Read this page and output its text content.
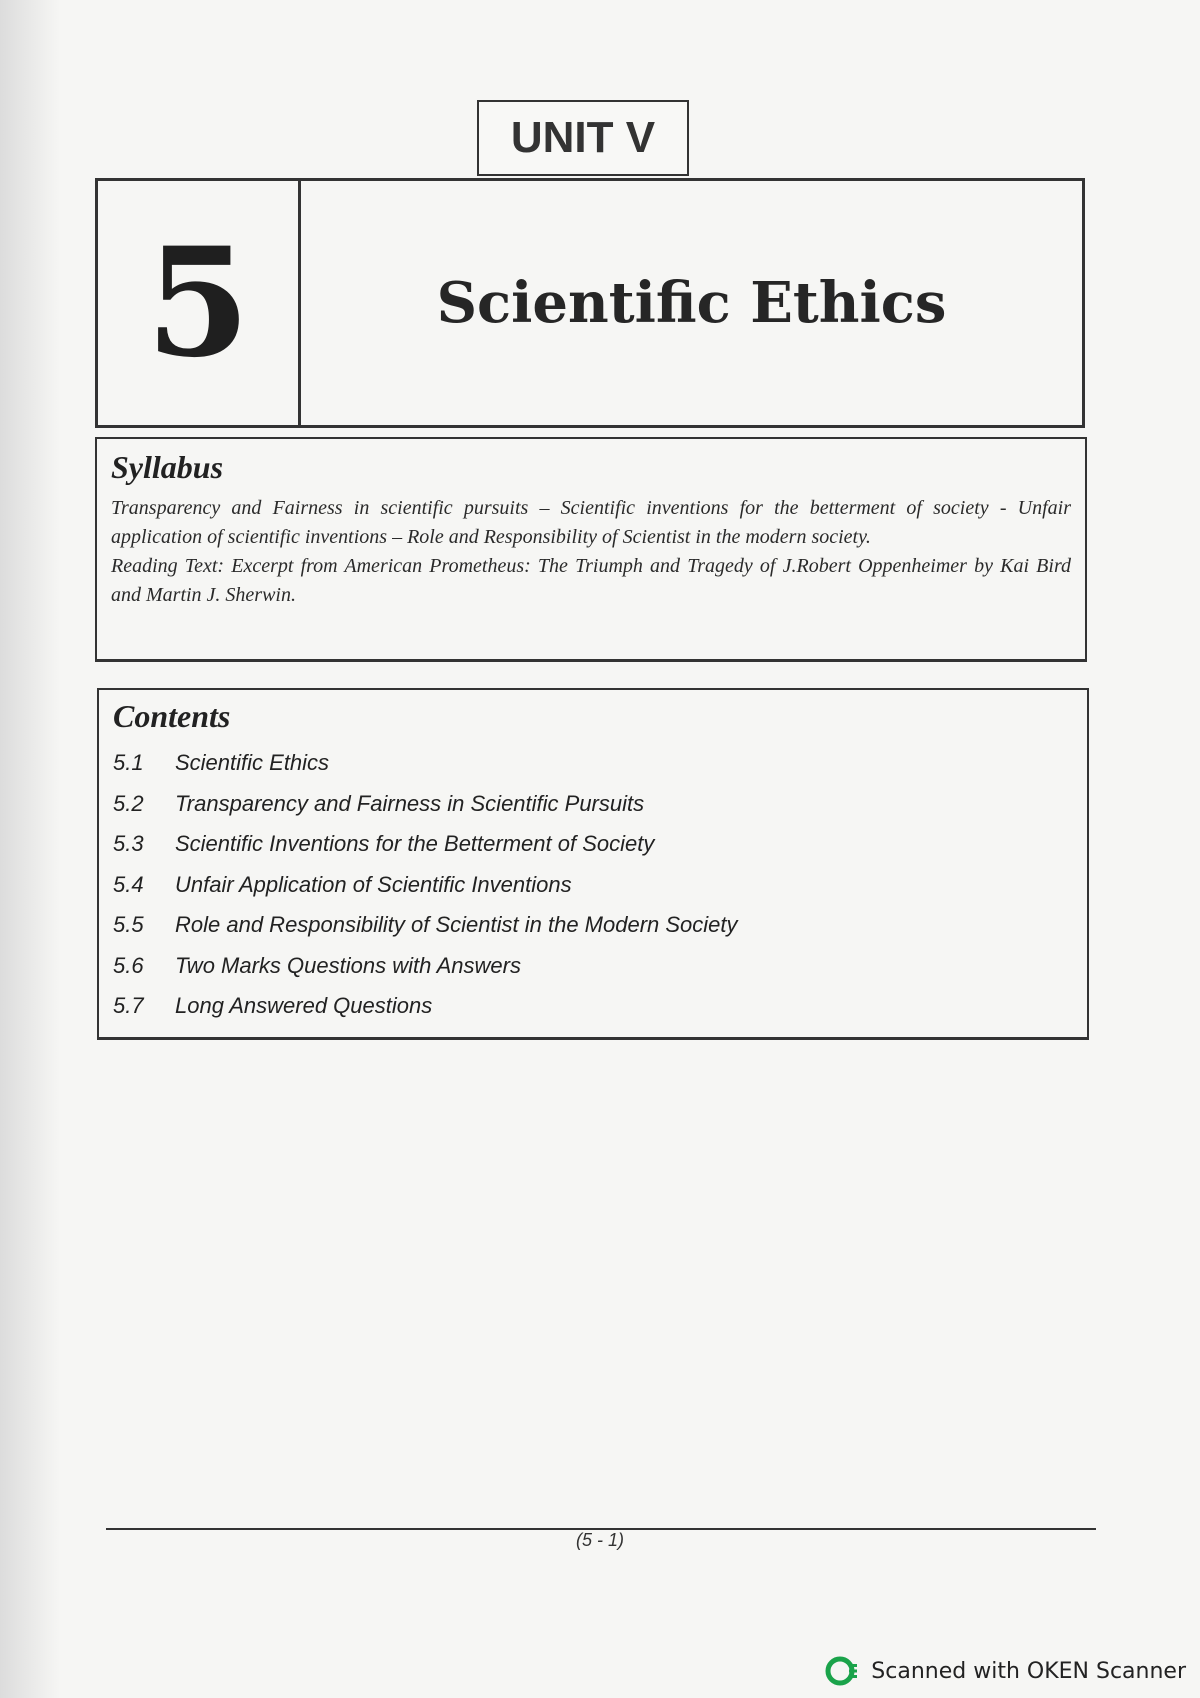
UNIT V
5	Scientific Ethics
Syllabus

Transparency and Fairness in scientific pursuits – Scientific inventions for the betterment of society - Unfair application of scientific inventions – Role and Responsibility of Scientist in the modern society.

Reading Text: Excerpt from American Prometheus: The Triumph and Tragedy of J.Robert Oppenheimer by Kai Bird and Martin J. Sherwin.

Contents
5.1	Scientific Ethics
5.2	Transparency and Fairness in Scientific Pursuits
5.3	Scientific Inventions for the Betterment of Society
5.4	Unfair Application of Scientific Inventions
5.5	Role and Responsibility of Scientist in the Modern Society
5.6	Two Marks Questions with Answers
5.7	Long Answered Questions
(5 - 1)
Scanned with OKEN Scanner
